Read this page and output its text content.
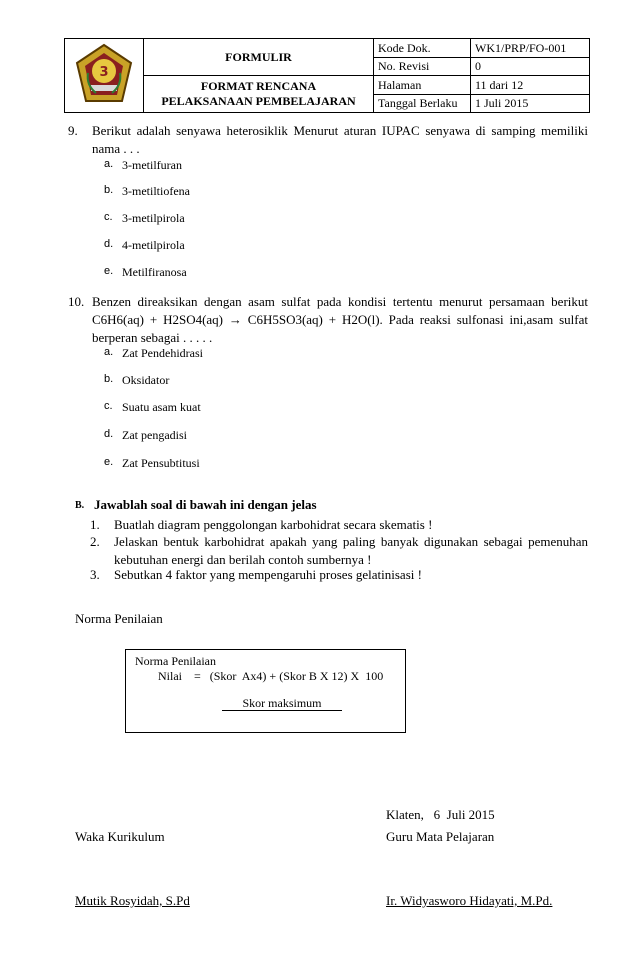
3	FORMULIR	Kode Dok.	WK1/PRP/FO-001
		No. Revisi	0

	FORMAT RENCANA
PELAKSANAAN PEMBELAJARAN	Halaman	11 dari 12
		Tanggal Berlaku	1 Juli 2015
9. Berikut adalah senyawa heterosiklik Menurut aturan IUPAC senyawa di samping memiliki
nama . . .
a. 3-metilfuran
b. 3-metiltiofena
c. 3-metilpirola
d. 4-metilpirola
e. Metilfiranosa
10. Benzen direaksikan dengan asam sulfat pada kondisi tertentu menurut persamaan berikut
C6H6(aq) + H2SO4(aq) → C6H5SO3(aq) + H2O(l). Pada reaksi sulfonasi ini,asam sulfat
berperan sebagai . . . . .
a. Zat Pendehidrasi
b. Oksidator
c. Suatu asam kuat
d. Zat pengadisi
e. Zat Pensubtitusi
B. Jawablah soal di bawah ini dengan jelas
1. Buatlah diagram penggolongan karbohidrat secara skematis !
2. Jelaskan bentuk karbohidrat apakah yang paling banyak digunakan sebagai pemenuhan
kebutuhan energi dan berilah contoh sumbernya !
3. Sebutkan 4 faktor yang mempengaruhi proses gelatinisasi !
Norma Penilaian
Norma Penilaian
Nilai    =   (Skor  Ax4) + (Skor B X 12) X  100
Skor maksimum
Klaten,   6  Juli 2015
Waka Kurikulum	Guru Mata Pelajaran
Mutik Rosyidah, S.Pd	Ir. Widyasworo Hidayati, M.Pd.
